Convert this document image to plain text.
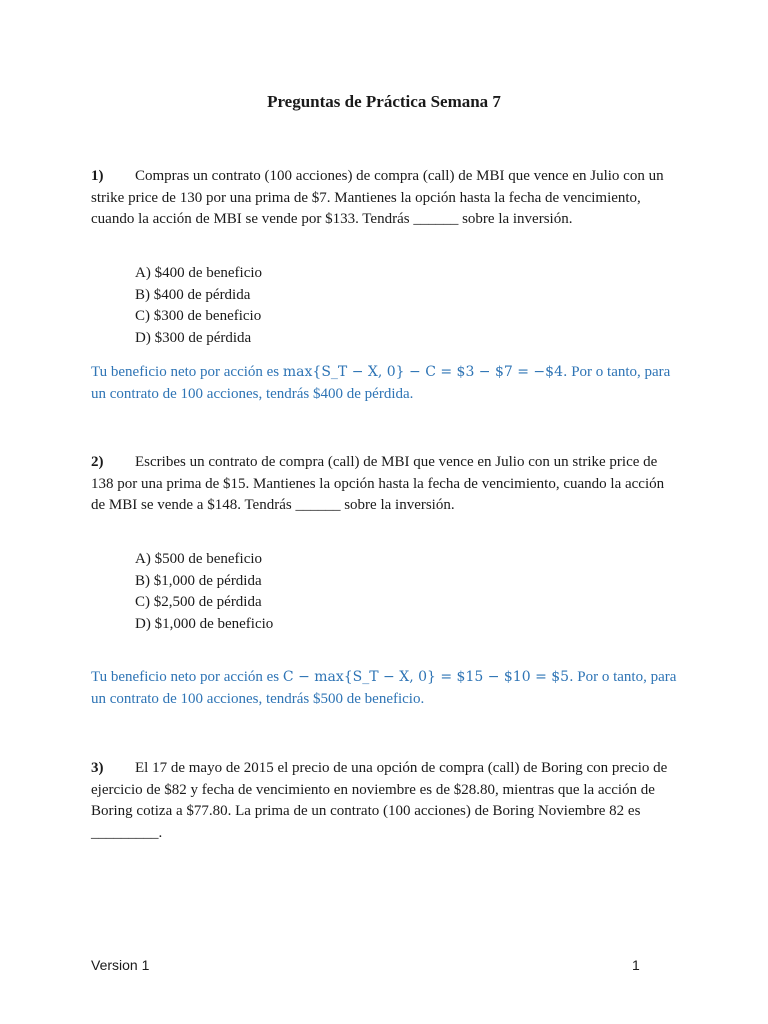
Preguntas de Práctica Semana 7
1) Compras un contrato (100 acciones) de compra (call) de MBI que vence en Julio con un strike price de 130 por una prima de $7. Mantienes la opción hasta la fecha de vencimiento, cuando la acción de MBI se vende por $133. Tendrás ______ sobre la inversión.
A) $400 de beneficio
B) $400 de pérdida
C) $300 de beneficio
D) $300 de pérdida
Tu beneficio neto por acción es max{S_T − X, 0} − C = $3 − $7 = −$4. Por o tanto, para un contrato de 100 acciones, tendrás $400 de pérdida.
2) Escribes un contrato de compra (call) de MBI que vence en Julio con un strike price de 138 por una prima de $15. Mantienes la opción hasta la fecha de vencimiento, cuando la acción de MBI se vende a $148. Tendrás ______ sobre la inversión.
A) $500 de beneficio
B) $1,000 de pérdida
C) $2,500 de pérdida
D) $1,000 de beneficio
Tu beneficio neto por acción es C − max{S_T − X, 0} = $15 − $10 = $5. Por o tanto, para un contrato de 100 acciones, tendrás $500 de beneficio.
3) El 17 de mayo de 2015 el precio de una opción de compra (call) de Boring con precio de ejercicio de $82 y fecha de vencimiento en noviembre es de $28.80, mientras que la acción de Boring cotiza a $77.80. La prima de un contrato (100 acciones) de Boring Noviembre 82 es _________.
Version 1	1
